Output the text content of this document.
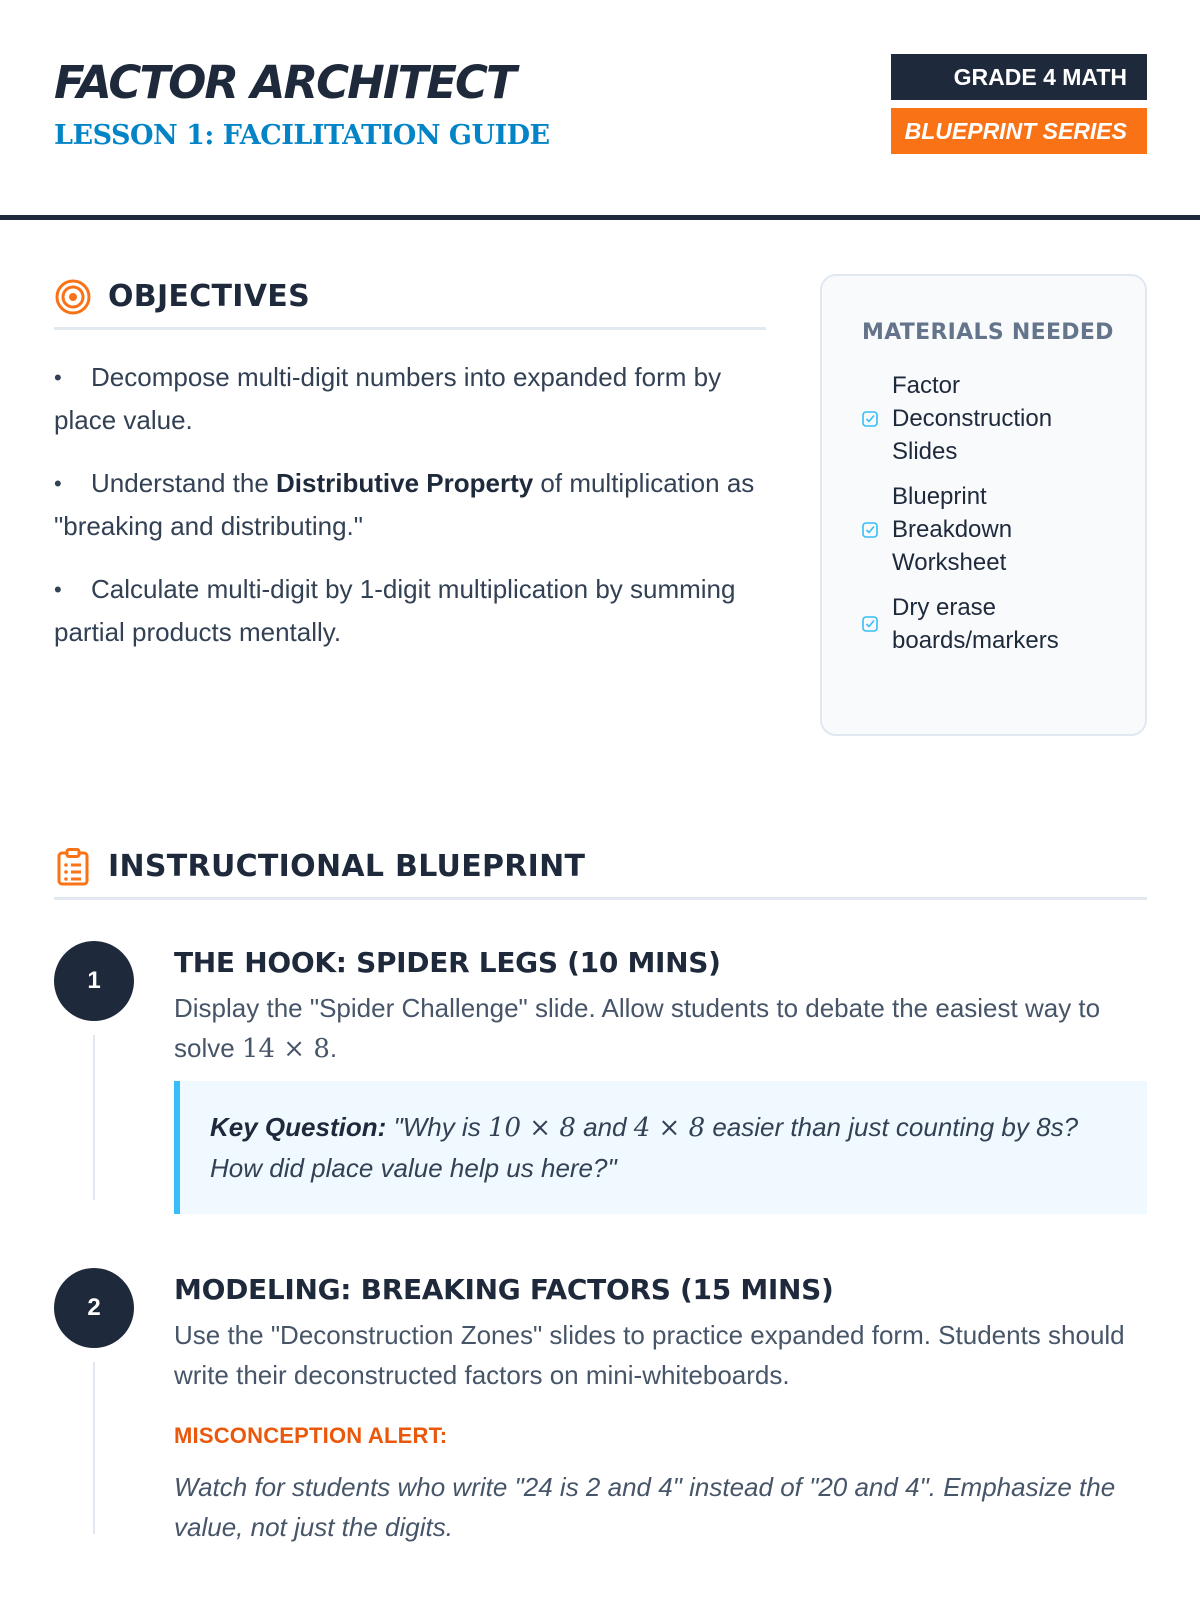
FACTOR ARCHITECT
LESSON 1: FACILITATION GUIDE
GRADE 4 MATH
BLUEPRINT SERIES
OBJECTIVES
• Decompose multi-digit numbers into expanded form by place value.
• Understand the Distributive Property of multiplication as "breaking and distributing."
• Calculate multi-digit by 1-digit multiplication by summing partial products mentally.
MATERIALS NEEDED
Factor Deconstruction Slides
Blueprint Breakdown Worksheet
Dry erase boards/markers
INSTRUCTIONAL BLUEPRINT
1
THE HOOK: SPIDER LEGS (10 MINS)
Display the "Spider Challenge" slide. Allow students to debate the easiest way to solve 14 × 8.
Key Question: "Why is 10 × 8 and 4 × 8 easier than just counting by 8s? How did place value help us here?"
2
MODELING: BREAKING FACTORS (15 MINS)
Use the "Deconstruction Zones" slides to practice expanded form. Students should write their deconstructed factors on mini-whiteboards.
MISCONCEPTION ALERT:
Watch for students who write "24 is 2 and 4" instead of "20 and 4". Emphasize the value, not just the digits.
